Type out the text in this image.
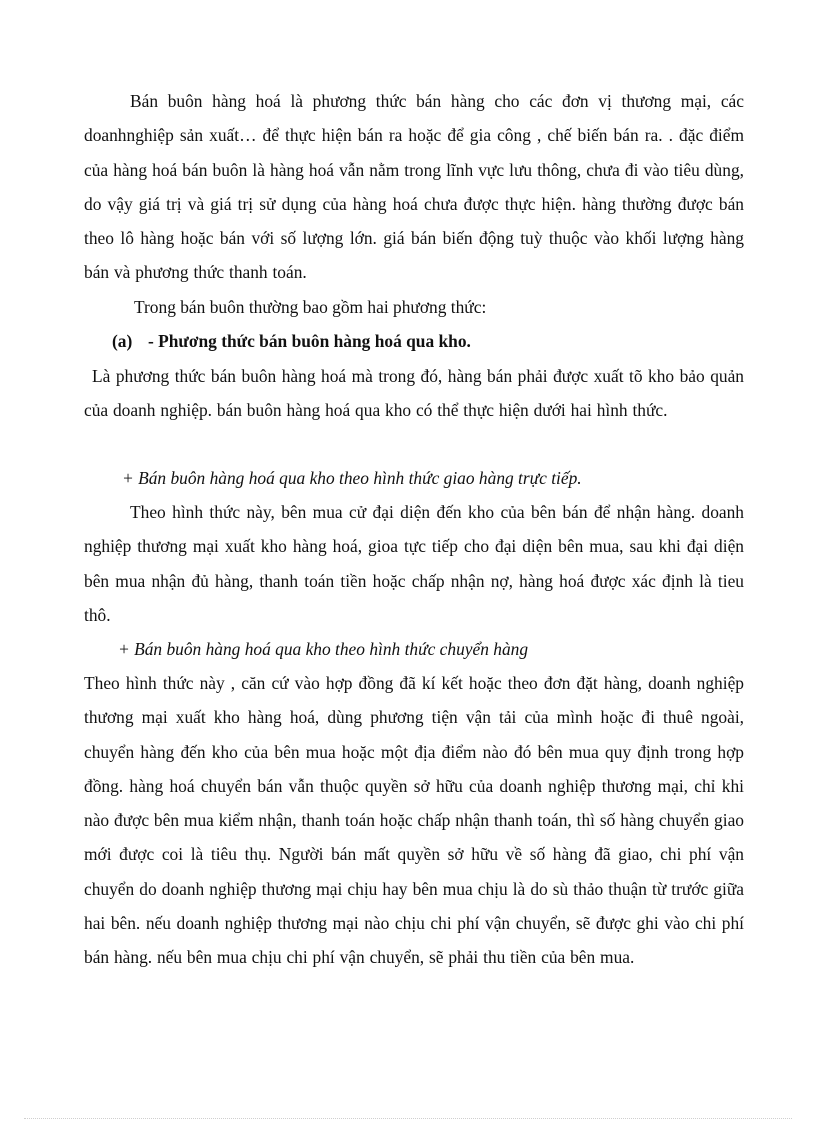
Bán buôn hàng hoá là phương thức bán hàng cho các đơn vị thương mại, các doanhnghiệp sản xuất… để thực hiện bán ra hoặc để gia công , chế biến bán ra. . đặc điểm của hàng hoá bán buôn là hàng hoá vẫn nằm trong lĩnh vực lưu thông, chưa đi vào tiêu dùng, do vậy giá trị và giá trị sử dụng của hàng hoá chưa được thực hiện. hàng thường được bán theo lô hàng hoặc bán với số lượng lớn. giá bán biến động tuỳ thuộc vào khối lượng hàng bán và phương thức thanh toán.

Trong bán buôn thường bao gồm hai phương thức:
(a) - Phương thức bán buôn hàng hoá qua kho.

Là phương thức bán buôn hàng hoá mà trong đó, hàng bán phải được xuất tõ kho bảo quản của doanh nghiệp. bán buôn hàng hoá qua kho có thể thực hiện dưới hai hình thức.

+ Bán buôn hàng hoá qua kho theo hình thức giao hàng trực tiếp.

Theo hình thức này, bên mua cử đại diện đến kho của bên bán để nhận hàng. doanh nghiệp thương mại xuất kho hàng hoá, gioa tực tiếp cho đại diện bên mua, sau khi đại diện bên mua nhận đủ hàng, thanh toán tiền hoặc chấp nhận nợ, hàng hoá được xác định là tieu thô.

+ Bán buôn hàng hoá qua kho theo hình thức chuyển hàng

Theo hình thức này , căn cứ vào hợp đồng đã kí kết hoặc theo đơn đặt hàng, doanh nghiệp thương mại xuất kho hàng hoá, dùng phương tiện vận tải của mình hoặc đi thuê ngoài, chuyển hàng đến kho của bên mua hoặc một địa điểm nào đó bên mua quy định trong hợp đồng. hàng hoá chuyển bán vẫn thuộc quyền sở hữu của doanh nghiệp thương mại, chỉ khi nào được bên mua kiểm nhận, thanh toán hoặc chấp nhận thanh toán, thì số hàng chuyển giao mới được coi là tiêu thụ. Người bán mất quyền sở hữu về số hàng đã giao, chi phí vận chuyển do doanh nghiệp thương mại chịu hay bên mua chịu là do sù thảo thuận từ trước giữa hai bên. nếu doanh nghiệp thương mại nào chịu chi phí vận chuyển, sẽ được ghi vào chi phí bán hàng. nếu bên mua chịu chi phí vận chuyển, sẽ phải thu tiền của bên mua.
